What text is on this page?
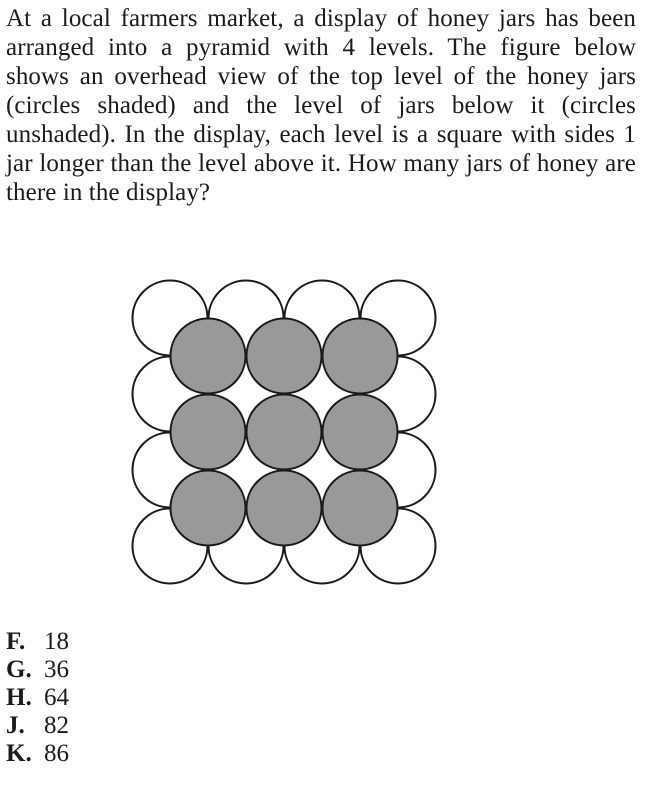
At a local farmers market, a display of honey jars has been arranged into a pyramid with 4 levels. The figure below shows an overhead view of the top level of the honey jars (circles shaded) and the level of jars below it (circles unshaded). In the display, each level is a square with sides 1 jar longer than the level above it. How many jars of honey are there in the display?
F. 18
G. 36
H. 64
J. 82
K. 86
